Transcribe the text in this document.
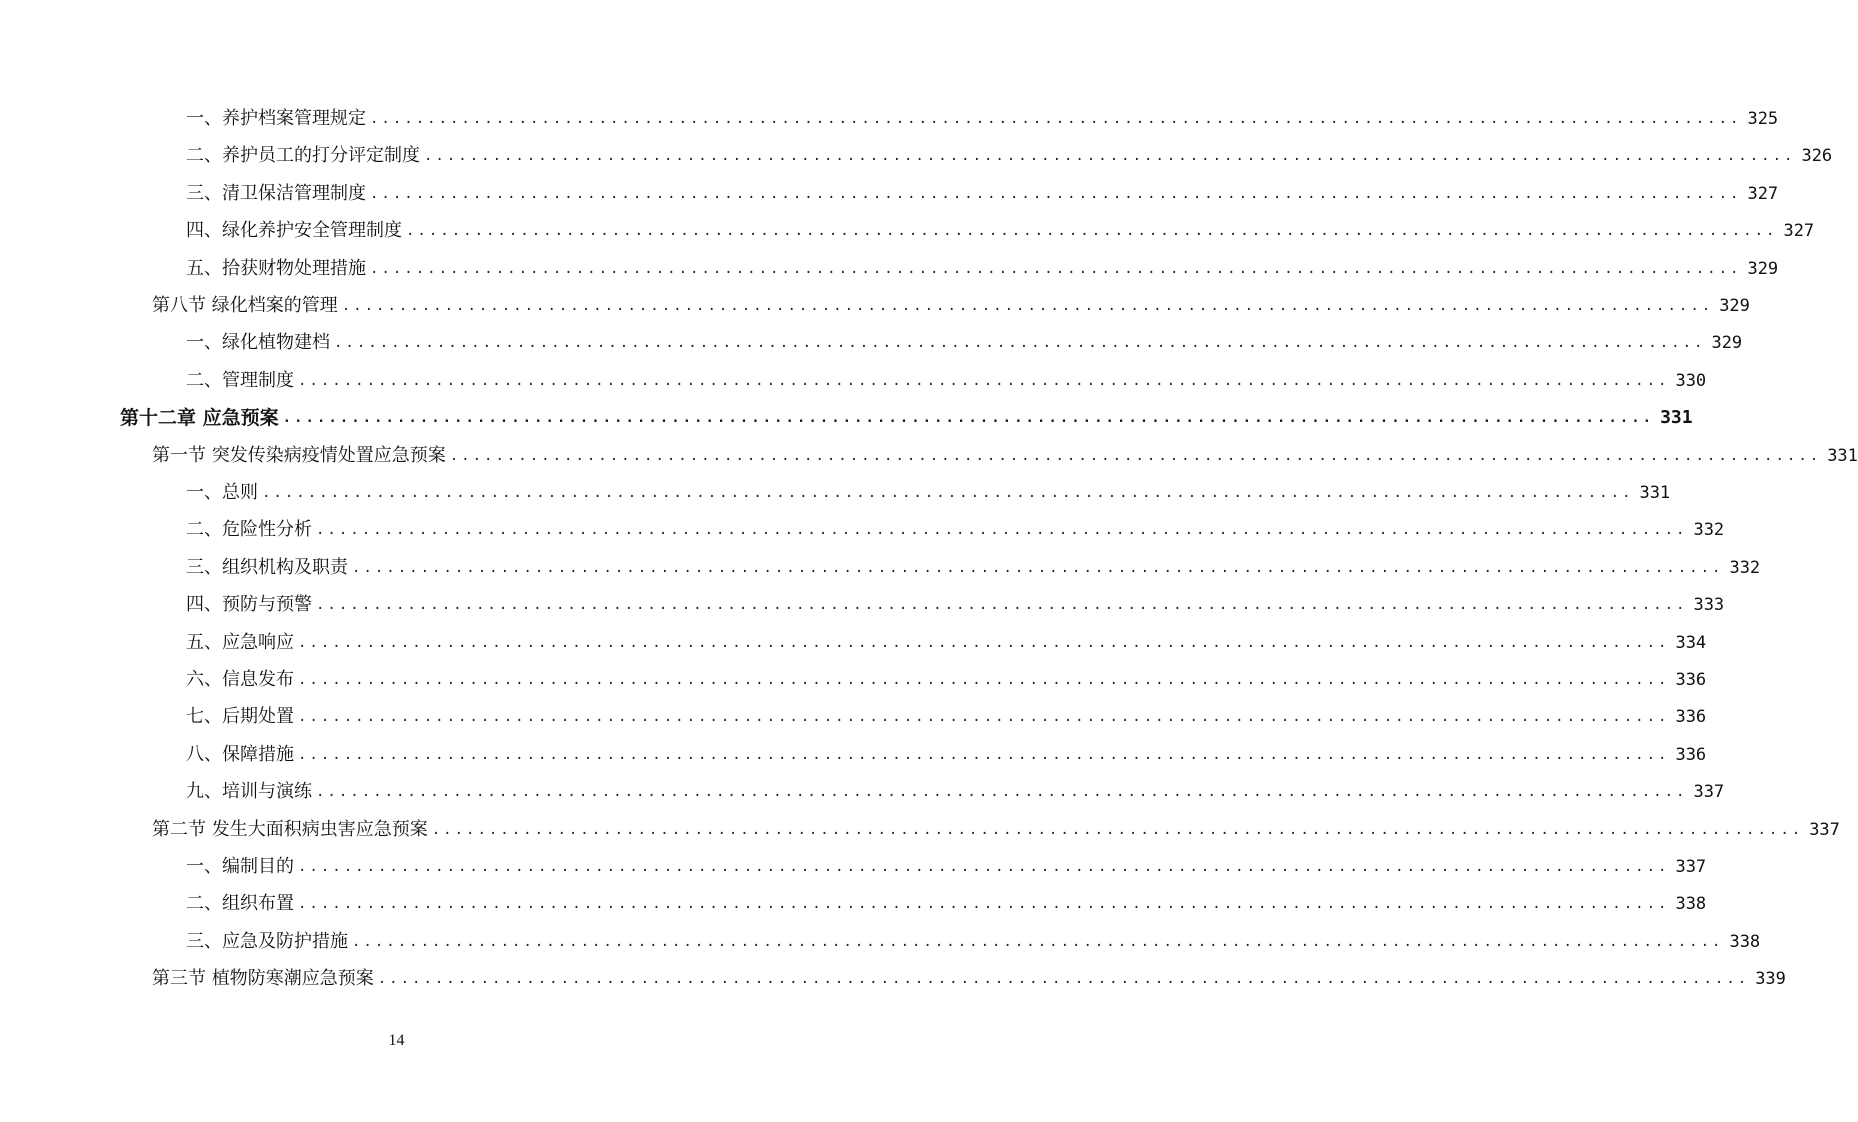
一、养护档案管理规定 ........................................................................................................................ 325
二、养护员工的打分评定制度 ........................................................................................................................ 326
三、清卫保洁管理制度 ........................................................................................................................ 327
四、绿化养护安全管理制度 ........................................................................................................................ 327
五、拾获财物处理措施 ........................................................................................................................ 329
第八节 绿化档案的管理 ........................................................................................................................ 329
一、绿化植物建档 ........................................................................................................................ 329
二、管理制度 ........................................................................................................................ 330
第十二章 应急预案 ........................................................................................................................ 331
第一节 突发传染病疫情处置应急预案 ........................................................................................................................ 331
一、总则 ........................................................................................................................ 331
二、危险性分析 ........................................................................................................................ 332
三、组织机构及职责 ........................................................................................................................ 332
四、预防与预警 ........................................................................................................................ 333
五、应急响应 ........................................................................................................................ 334
六、信息发布 ........................................................................................................................ 336
七、后期处置 ........................................................................................................................ 336
八、保障措施 ........................................................................................................................ 336
九、培训与演练 ........................................................................................................................ 337
第二节 发生大面积病虫害应急预案 ........................................................................................................................ 337
一、编制目的 ........................................................................................................................ 337
二、组织布置 ........................................................................................................................ 338
三、应急及防护措施 ........................................................................................................................ 338
第三节 植物防寒潮应急预案 ........................................................................................................................ 339
14
